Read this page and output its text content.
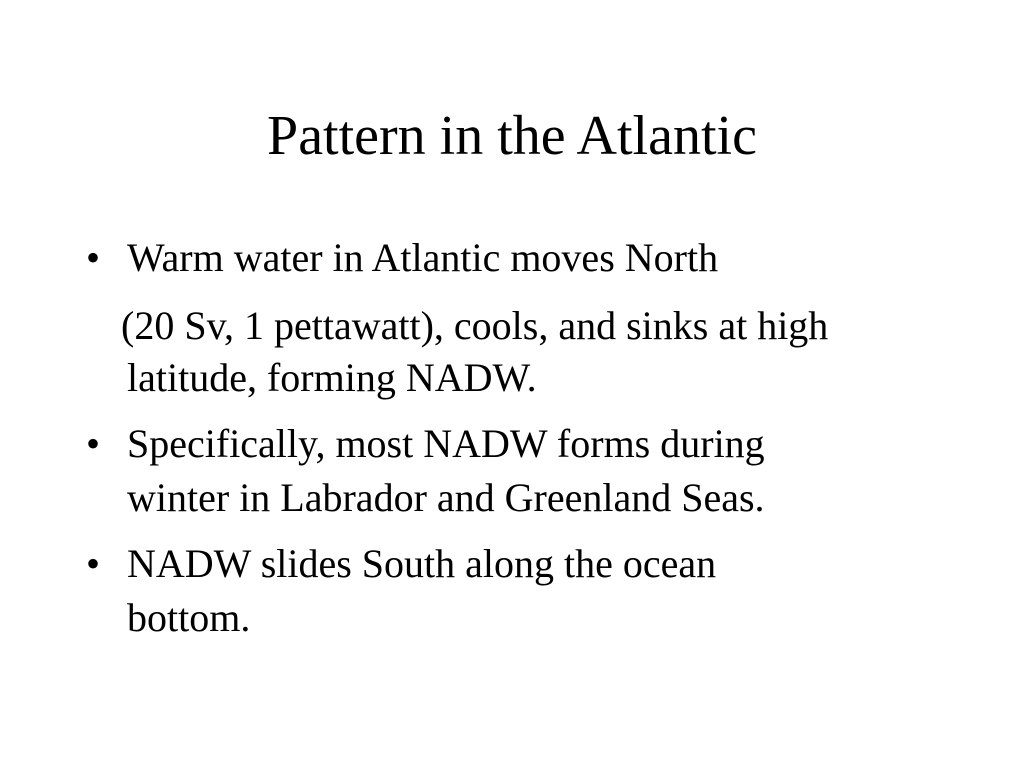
Pattern in the Atlantic
• Warm water in Atlantic moves North
(20 Sv, 1 pettawatt), cools, and sinks at high
latitude, forming NADW.
• Specifically, most NADW forms during
winter in Labrador and Greenland Seas.
• NADW slides South along the ocean
bottom.
